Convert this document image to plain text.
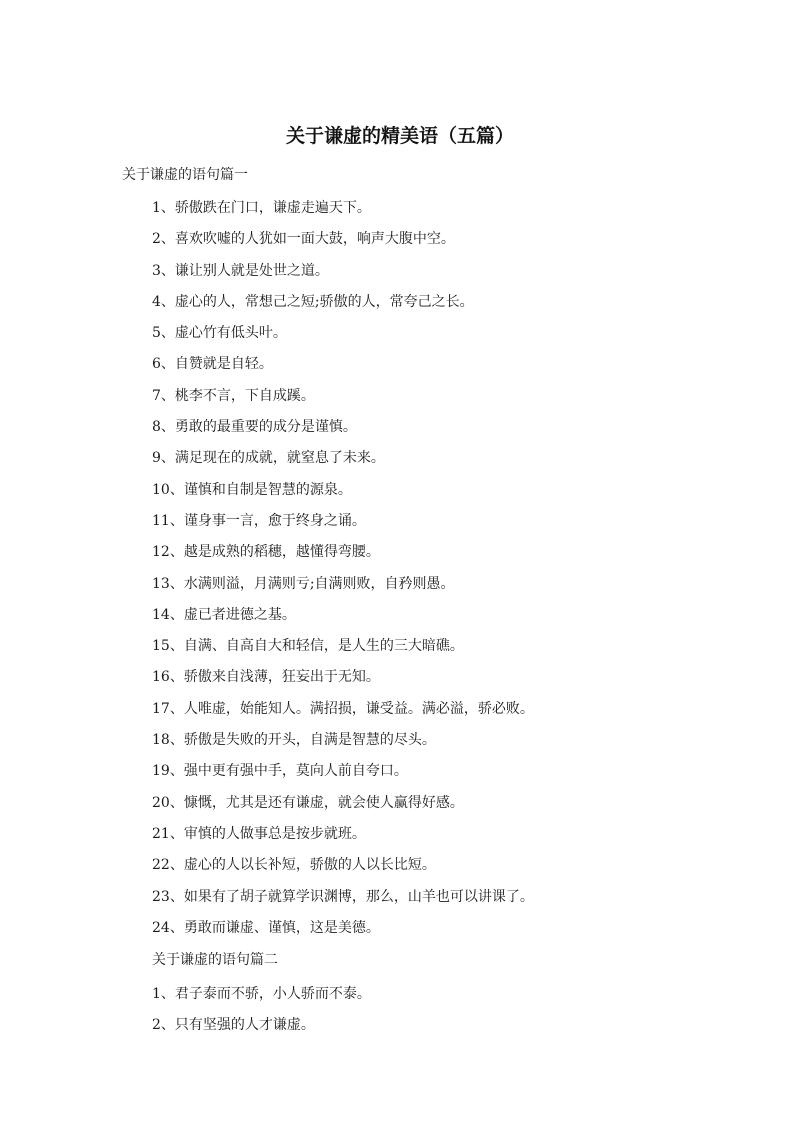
关于谦虚的精美语（五篇）
关于谦虚的语句篇一
1、骄傲跌在门口，谦虚走遍天下。
2、喜欢吹嘘的人犹如一面大鼓，响声大腹中空。
3、谦让别人就是处世之道。
4、虚心的人，常想己之短;骄傲的人，常夸己之长。
5、虚心竹有低头叶。
6、自赞就是自轻。
7、桃李不言，下自成蹊。
8、勇敢的最重要的成分是谨慎。
9、满足现在的成就，就窒息了未来。
10、谨慎和自制是智慧的源泉。
11、谨身事一言，愈于终身之诵。
12、越是成熟的稻穗，越懂得弯腰。
13、水满则溢，月满则亏;自满则败，自矜则愚。
14、虚已者进德之基。
15、自满、自高自大和轻信，是人生的三大暗礁。
16、骄傲来自浅薄，狂妄出于无知。
17、人唯虚，始能知人。满招损，谦受益。满必溢，骄必败。
18、骄傲是失败的开头，自满是智慧的尽头。
19、强中更有强中手，莫向人前自夸口。
20、慷慨，尤其是还有谦虚，就会使人赢得好感。
21、审慎的人做事总是按步就班。
22、虚心的人以长补短，骄傲的人以长比短。
23、如果有了胡子就算学识渊博，那么，山羊也可以讲课了。
24、勇敢而谦虚、谨慎，这是美德。
关于谦虚的语句篇二
1、君子泰而不骄，小人骄而不泰。
2、只有坚强的人才谦虚。
